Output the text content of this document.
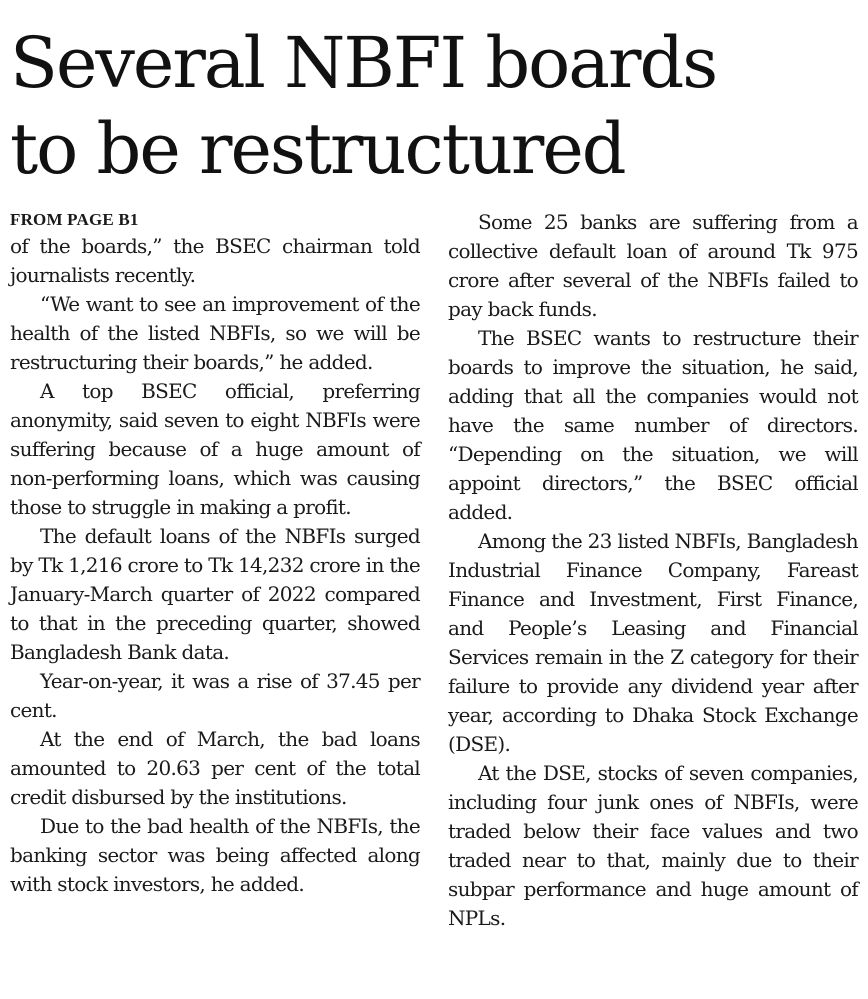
Several NBFI boards
to be restructured
FROM PAGE B1

of the boards,” the BSEC chairman told journalists recently.

“We want to see an improvement of the health of the listed NBFIs, so we will be restructuring their boards,” he added.

A top BSEC official, preferring anonymity, said seven to eight NBFIs were suffering because of a huge amount of non-performing loans, which was causing those to struggle in making a profit.

The default loans of the NBFIs surged by Tk 1,216 crore to Tk 14,232 crore in the January-March quarter of 2022 compared to that in the preceding quarter, showed Bangladesh Bank data.

Year-on-year, it was a rise of 37.45 per cent.

At the end of March, the bad loans amounted to 20.63 per cent of the total credit disbursed by the institutions.

Due to the bad health of the NBFIs, the banking sector was being affected along with stock investors, he added.

Some 25 banks are suffering from a collective default loan of around Tk 975 crore after several of the NBFIs failed to pay back funds.

The BSEC wants to restructure their boards to improve the situation, he said, adding that all the companies would not have the same number of directors. “Depending on the situation, we will appoint directors,” the BSEC official added.

Among the 23 listed NBFIs, Bangladesh Industrial Finance Company, Fareast Finance and Investment, First Finance, and People’s Leasing and Financial Services remain in the Z category for their failure to provide any dividend year after year, according to Dhaka Stock Exchange (DSE).

At the DSE, stocks of seven companies, including four junk ones of NBFIs, were traded below their face values and two traded near to that, mainly due to their subpar performance and huge amount of NPLs.
